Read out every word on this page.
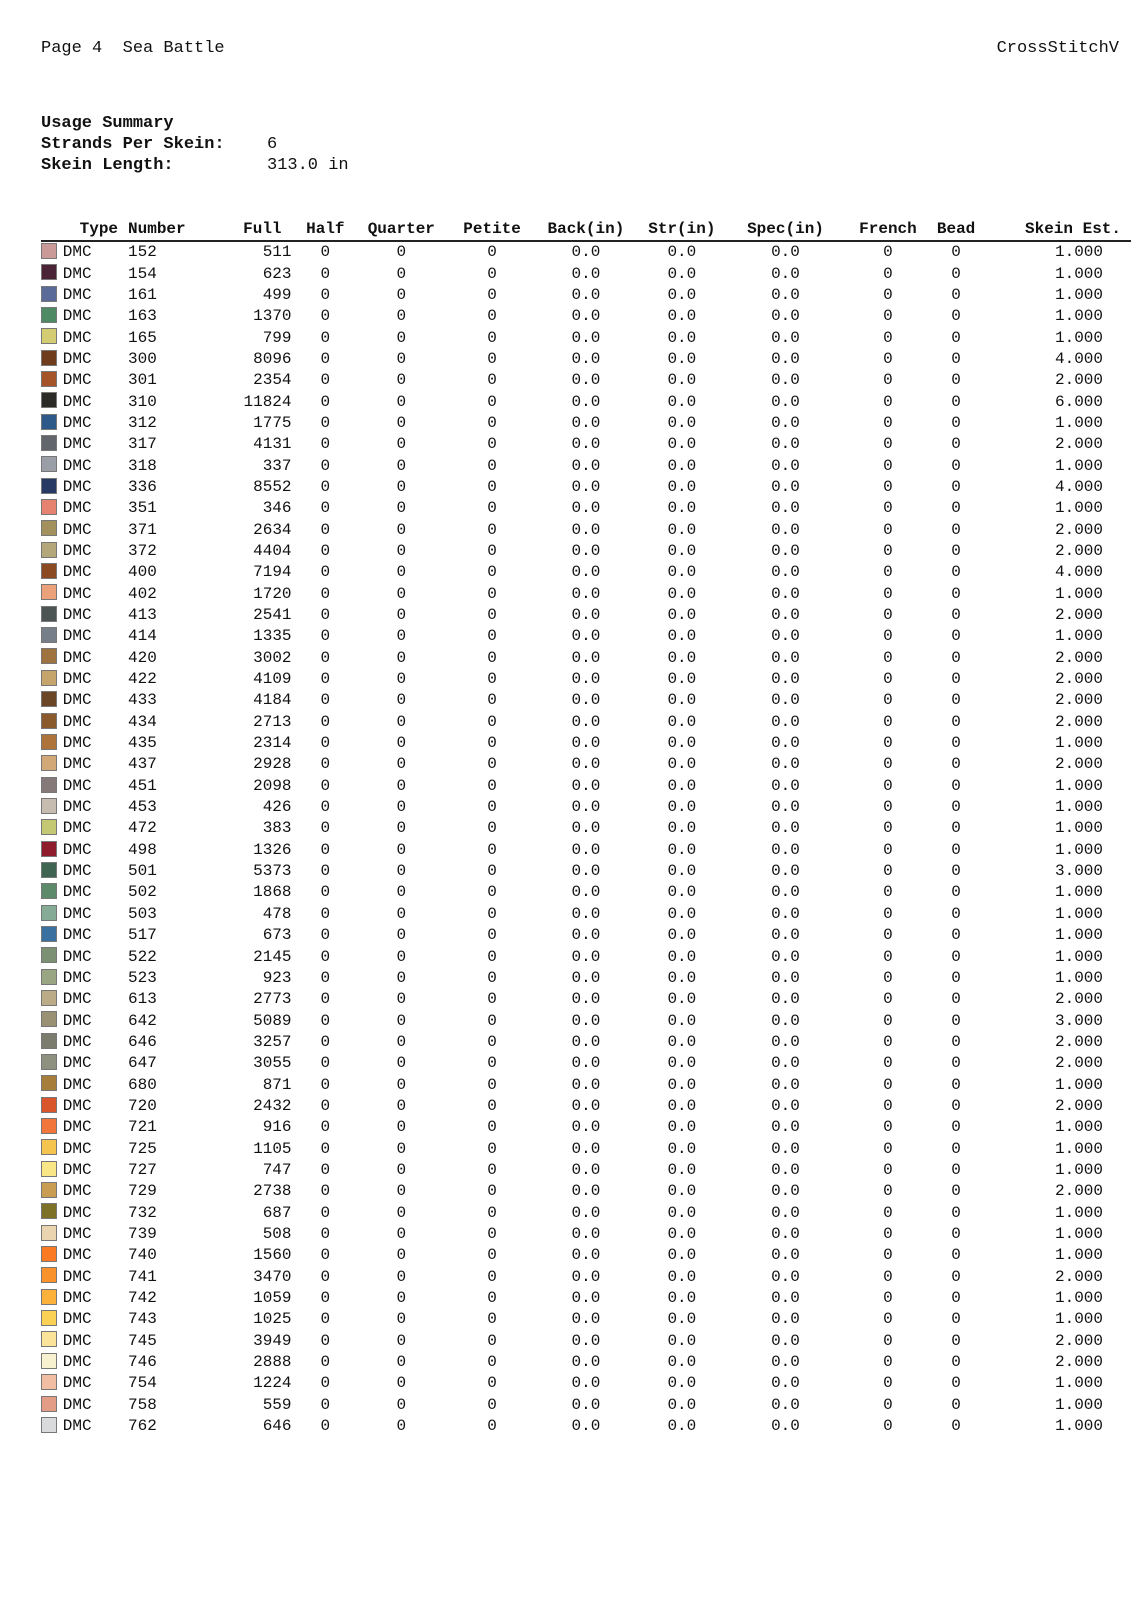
Page 4  Sea Battle	CrossStitchV
Usage Summary
Strands Per Skein: 6
Skein Length:	313.0 in
	Type	Number	Full	Half	Quarter	Petite	Back(in)	Str(in)	Spec(in)	French	Bead	Skein Est.
	DMC	152	511	0	0	0	0.0	0.0	0.0	0	0	1.000
	DMC	154	623	0	0	0	0.0	0.0	0.0	0	0	1.000
	DMC	161	499	0	0	0	0.0	0.0	0.0	0	0	1.000
	DMC	163	1370	0	0	0	0.0	0.0	0.0	0	0	1.000
	DMC	165	799	0	0	0	0.0	0.0	0.0	0	0	1.000
	DMC	300	8096	0	0	0	0.0	0.0	0.0	0	0	4.000
	DMC	301	2354	0	0	0	0.0	0.0	0.0	0	0	2.000
	DMC	310	11824	0	0	0	0.0	0.0	0.0	0	0	6.000
	DMC	312	1775	0	0	0	0.0	0.0	0.0	0	0	1.000
	DMC	317	4131	0	0	0	0.0	0.0	0.0	0	0	2.000
	DMC	318	337	0	0	0	0.0	0.0	0.0	0	0	1.000
	DMC	336	8552	0	0	0	0.0	0.0	0.0	0	0	4.000
	DMC	351	346	0	0	0	0.0	0.0	0.0	0	0	1.000
	DMC	371	2634	0	0	0	0.0	0.0	0.0	0	0	2.000
	DMC	372	4404	0	0	0	0.0	0.0	0.0	0	0	2.000
	DMC	400	7194	0	0	0	0.0	0.0	0.0	0	0	4.000
	DMC	402	1720	0	0	0	0.0	0.0	0.0	0	0	1.000
	DMC	413	2541	0	0	0	0.0	0.0	0.0	0	0	2.000
	DMC	414	1335	0	0	0	0.0	0.0	0.0	0	0	1.000
	DMC	420	3002	0	0	0	0.0	0.0	0.0	0	0	2.000
	DMC	422	4109	0	0	0	0.0	0.0	0.0	0	0	2.000
	DMC	433	4184	0	0	0	0.0	0.0	0.0	0	0	2.000
	DMC	434	2713	0	0	0	0.0	0.0	0.0	0	0	2.000
	DMC	435	2314	0	0	0	0.0	0.0	0.0	0	0	1.000
	DMC	437	2928	0	0	0	0.0	0.0	0.0	0	0	2.000
	DMC	451	2098	0	0	0	0.0	0.0	0.0	0	0	1.000
	DMC	453	426	0	0	0	0.0	0.0	0.0	0	0	1.000
	DMC	472	383	0	0	0	0.0	0.0	0.0	0	0	1.000
	DMC	498	1326	0	0	0	0.0	0.0	0.0	0	0	1.000
	DMC	501	5373	0	0	0	0.0	0.0	0.0	0	0	3.000
	DMC	502	1868	0	0	0	0.0	0.0	0.0	0	0	1.000
	DMC	503	478	0	0	0	0.0	0.0	0.0	0	0	1.000
	DMC	517	673	0	0	0	0.0	0.0	0.0	0	0	1.000
	DMC	522	2145	0	0	0	0.0	0.0	0.0	0	0	1.000
	DMC	523	923	0	0	0	0.0	0.0	0.0	0	0	1.000
	DMC	613	2773	0	0	0	0.0	0.0	0.0	0	0	2.000
	DMC	642	5089	0	0	0	0.0	0.0	0.0	0	0	3.000
	DMC	646	3257	0	0	0	0.0	0.0	0.0	0	0	2.000
	DMC	647	3055	0	0	0	0.0	0.0	0.0	0	0	2.000
	DMC	680	871	0	0	0	0.0	0.0	0.0	0	0	1.000
	DMC	720	2432	0	0	0	0.0	0.0	0.0	0	0	2.000
	DMC	721	916	0	0	0	0.0	0.0	0.0	0	0	1.000
	DMC	725	1105	0	0	0	0.0	0.0	0.0	0	0	1.000
	DMC	727	747	0	0	0	0.0	0.0	0.0	0	0	1.000
	DMC	729	2738	0	0	0	0.0	0.0	0.0	0	0	2.000
	DMC	732	687	0	0	0	0.0	0.0	0.0	0	0	1.000
	DMC	739	508	0	0	0	0.0	0.0	0.0	0	0	1.000
	DMC	740	1560	0	0	0	0.0	0.0	0.0	0	0	1.000
	DMC	741	3470	0	0	0	0.0	0.0	0.0	0	0	2.000
	DMC	742	1059	0	0	0	0.0	0.0	0.0	0	0	1.000
	DMC	743	1025	0	0	0	0.0	0.0	0.0	0	0	1.000
	DMC	745	3949	0	0	0	0.0	0.0	0.0	0	0	2.000
	DMC	746	2888	0	0	0	0.0	0.0	0.0	0	0	2.000
	DMC	754	1224	0	0	0	0.0	0.0	0.0	0	0	1.000
	DMC	758	559	0	0	0	0.0	0.0	0.0	0	0	1.000
	DMC	762	646	0	0	0	0.0	0.0	0.0	0	0	1.000
